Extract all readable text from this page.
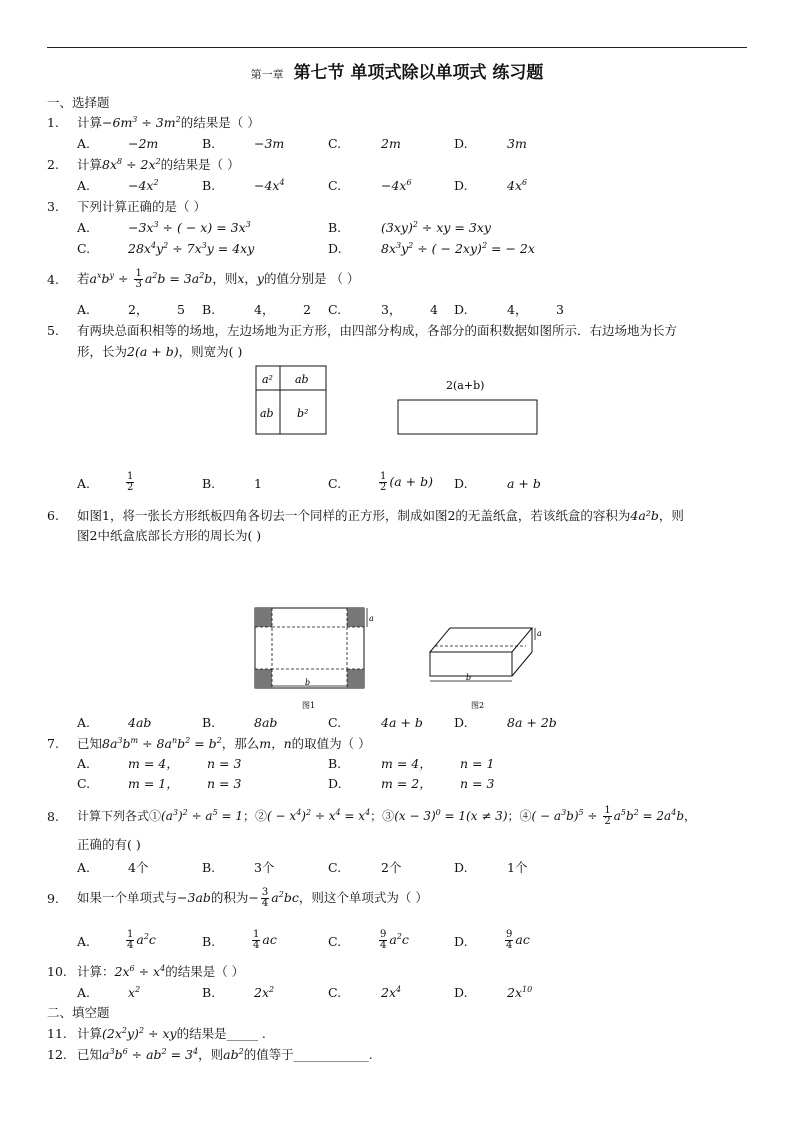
第一章 第七节 单项式除以单项式 练习题
一、选择题
1. 计算$-6m^3 \div 3m^2$的结果是（ ）
A.	−2m	B.	−3m	C.	2m	D.	3m
2. 计算$8x^8 \div 2x^2$的结果是（ ）
A.	$-4x^2$	B.	$-4x^4$	C.	$-4x^6$	D.	$4x^6$
3. 下列计算正确的是（ ）
A.	$-3x^3$ ÷ ( − $x) = 3x^3$	B.	$(3xy)^2$ ÷ xy = 3xy
C.	$28x^4y^2 \div 7x^3y = 4xy$	D.	$8x^3y^2$ ÷ ( − 2xy)$^2$ = − 2x
4. 若$a^xb^y \div \frac{1}{3} a^2b = 3a^2b$，则x，y的值分别是 （ ）
A.	2， 5 B.	4， 2 C.	3， 4 D.	4， 3
5. 有两块总面积相等的场地，左边场地为正方形，由四部分构成，各部分的面积数据如图所示．右边场地为长方
形，长为2(a + b)，则宽为( )
a² ab
ab b²
2(a+b)
A.	$\frac{1}{2}$	B.	1	C.	$\frac{1}{2} (a + b)$ D.	a + b
6. 如图1，将一张长方形纸板四角各切去一个同样的正方形，制成如图2的无盖纸盒，若该纸盒的容积为4a²b，则
图2中纸盒底部长方形的周长为( )
a
b
图1
a
b
图2
A.	4ab	B.	8ab	C.	4a + b D.	8a + 2b
7. 已知$8a^3b^m \div 8a^nb^2 = b^2$，那么m，n的取值为（ ）
A.	m = 4， n = 3	B.	m = 4， n = 1
C.	m = 1， n = 3	D.	m = 2， n = 3
8. 计算下列各式$①(a^3)^2 \div a^5 = 1$；②( − $x^4)^2 \div x^4 = x^4$；③(x − 3)$^0$ = 1(x ≠ 3)；④( − $a^3b)^5 \div \frac{1}{2} a^5b^2 = 2a^4b$，
正确的有( )
A.	4个	B.	3个	C.	2个	D.	1个
9. 如果一个单项式与−3ab的积为− $\frac{3}{4} a^2bc$，则这个单项式为（ ）
A.	$\frac{1}{4} a^2c$	B.	$\frac{1}{4}$ ac	C.	$\frac{9}{4} a^2c$	D.	$\frac{9}{4}$ ac
10. 计算：$2x^6 \div x^4$的结果是（ ）
A.	$x^2$	B.	$2x^2$	C.	$2x^4$	D.	$2x^{10}$
二、填空题
11. 计算$(2x^2y)^2$ ÷ xy的结果是_____ .
12. 已知$a^3b^6 \div ab^2 = 3^4$，则$ab^2$的值等于____________.
